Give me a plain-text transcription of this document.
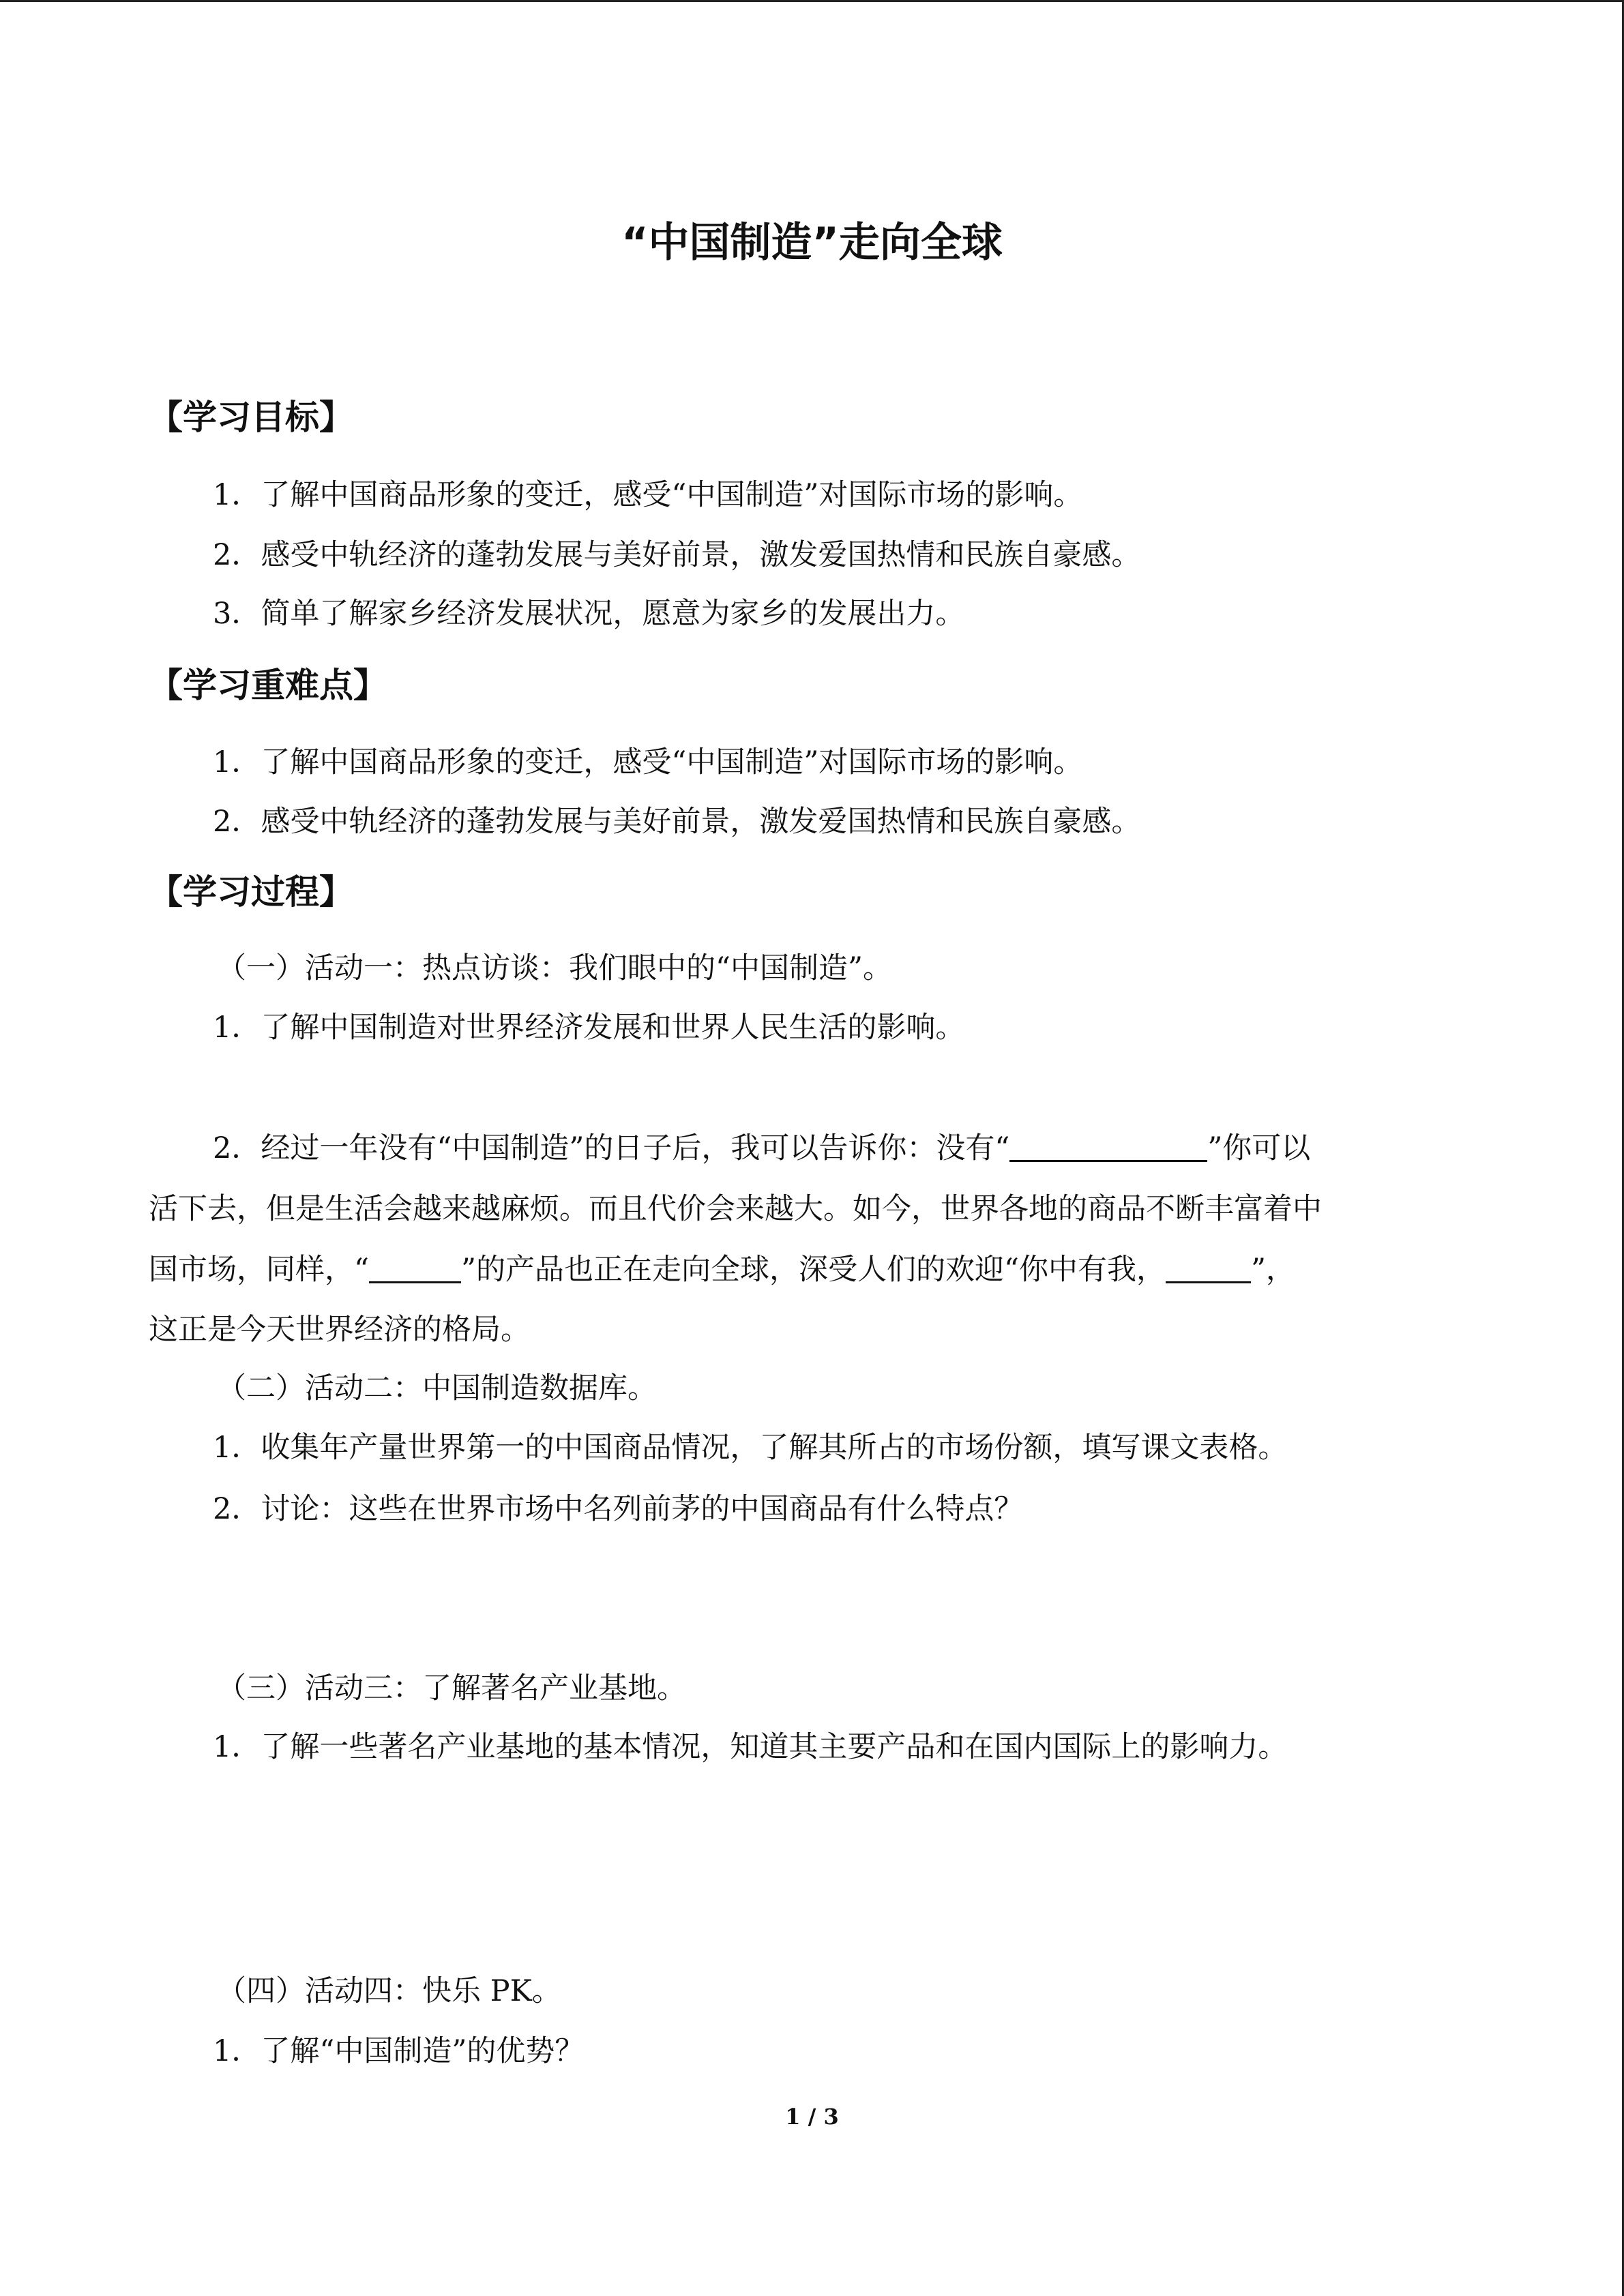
“中国制造”走向全球
【学习目标】
1．了解中国商品形象的变迁，感受“中国制造”对国际市场的影响。
2．感受中轨经济的蓬勃发展与美好前景，激发爱国热情和民族自豪感。
3．简单了解家乡经济发展状况，愿意为家乡的发展出力。
【学习重难点】
1．了解中国商品形象的变迁，感受“中国制造”对国际市场的影响。
2．感受中轨经济的蓬勃发展与美好前景，激发爱国热情和民族自豪感。
【学习过程】
（一）活动一：热点访谈：我们眼中的“中国制造”。
1．了解中国制造对世界经济发展和世界人民生活的影响。
2．经过一年没有“中国制造”的日子后，我可以告诉你：没有“	”你可以
活下去，但是生活会越来越麻烦。而且代价会来越大。如今，世界各地的商品不断丰富着中
国市场，同样，“	”的产品也正在走向全球，深受人们的欢迎“你中有我，	”，
这正是今天世界经济的格局。
（二）活动二：中国制造数据库。
1．收集年产量世界第一的中国商品情况，了解其所占的市场份额，填写课文表格。
2．讨论：这些在世界市场中名列前茅的中国商品有什么特点？
（三）活动三：了解著名产业基地。
1．了解一些著名产业基地的基本情况，知道其主要产品和在国内国际上的影响力。
（四）活动四：快乐 PK。
1．了解“中国制造”的优势？
1 / 3
